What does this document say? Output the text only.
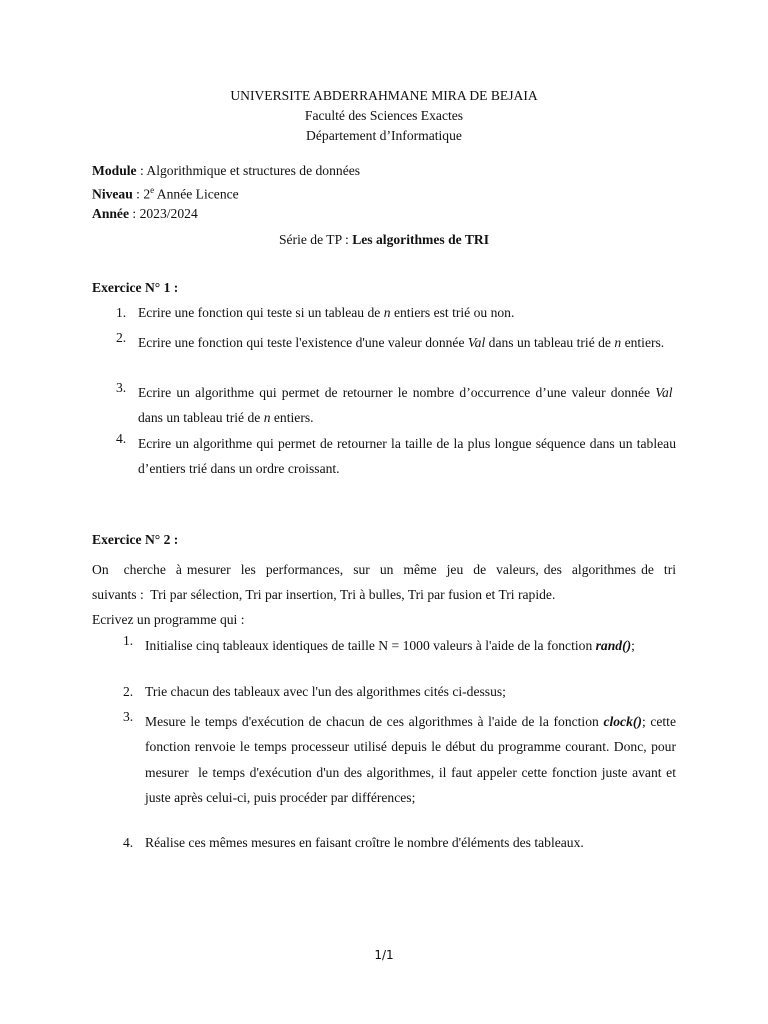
UNIVERSITE ABDERRAHMANE MIRA DE BEJAIA
Faculté des Sciences Exactes
Département d’Informatique
Module : Algorithmique et structures de données
Niveau : 2e Année Licence
Année : 2023/2024
Série de TP : Les algorithmes de TRI
Exercice N° 1 :
1. Ecrire une fonction qui teste si un tableau de n entiers est trié ou non.
2. Ecrire une fonction qui teste l'existence d'une valeur donnée Val dans un tableau trié de n entiers.
3. Ecrire un algorithme qui permet de retourner le nombre d’occurrence d’une valeur donnée Val  dans un tableau trié de n entiers.
4. Ecrire un algorithme qui permet de retourner la taille de la plus longue séquence dans un tableau d’entiers trié dans un ordre croissant.
Exercice N° 2 :
On   cherche  à mesurer  les  performances,  sur  un  même  jeu  de  valeurs, des  algorithmes de  tri suivants :  Tri par sélection, Tri par insertion, Tri à bulles, Tri par fusion et Tri rapide.
Ecrivez un programme qui :
1. Initialise cinq tableaux identiques de taille N = 1000 valeurs à l'aide de la fonction rand();
2. Trie chacun des tableaux avec l'un des algorithmes cités ci-dessus;
3. Mesure le temps d'exécution de chacun de ces algorithmes à l'aide de la fonction clock(); cette fonction renvoie le temps processeur utilisé depuis le début du programme courant. Donc, pour mesurer  le temps d'exécution d'un des algorithmes, il faut appeler cette fonction juste avant et juste après celui-ci, puis procéder par différences;
4. Réalise ces mêmes mesures en faisant croître le nombre d'éléments des tableaux.
1/1
